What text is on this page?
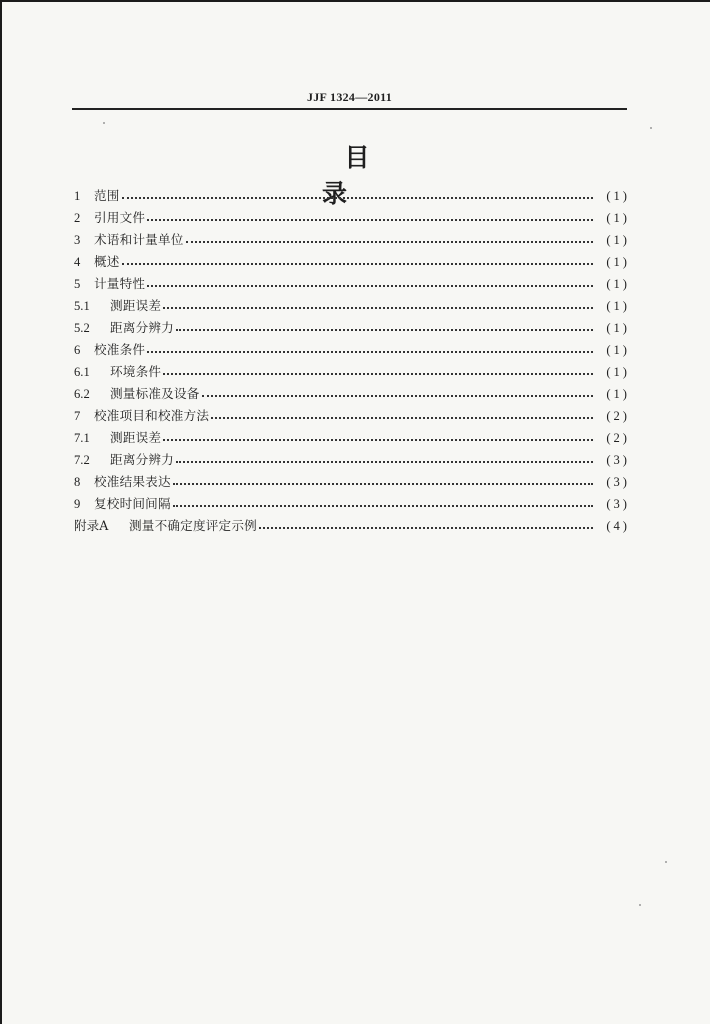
JJF 1324—2011
目 录
1	范围	(1)
2	引用文件	(1)
3	术语和计量单位	(1)
4	概述	(1)
5	计量特性	(1)
5.1	测距误差	(1)
5.2	距离分辨力	(1)
6	校准条件	(1)
6.1	环境条件	(1)
6.2	测量标准及设备	(1)
7	校准项目和校准方法	(2)
7.1	测距误差	(2)
7.2	距离分辨力	(3)
8	校准结果表达	(3)
9	复校时间间隔	(3)
附录A	测量不确定度评定示例	(4)
